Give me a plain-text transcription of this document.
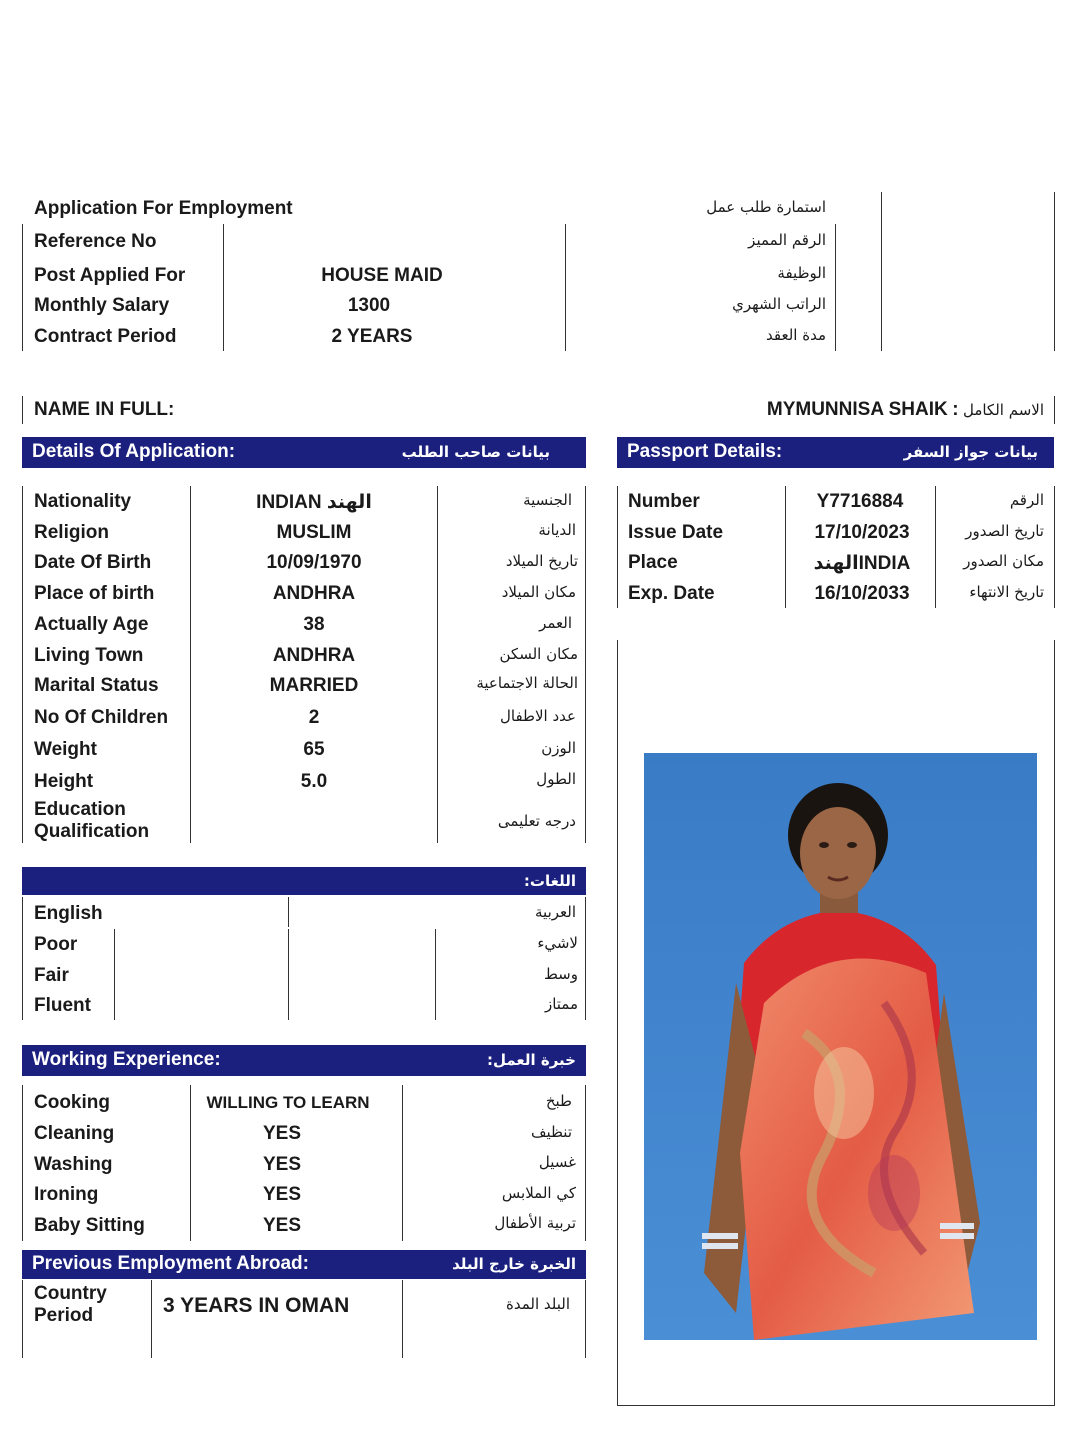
Application For Employment	استمارة طلب عمل
Reference No	الرقم المميز
Post Applied For	HOUSE MAID	الوظيفة
Monthly Salary	1300	الراتب الشهري
Contract Period	2 YEARS	مدة العقد
NAME IN FULL:	MYMUNNISA SHAIK : الاسم الكامل
Details Of Application:	بيانات صاحب الطلب
Nationality	INDIAN الهند	الجنسية
Religion	MUSLIM	الديانة
Date Of Birth	10/09/1970	تاريخ الميلاد
Place of birth	ANDHRA	مكان الميلاد
Actually Age	38	العمر
Living Town	ANDHRA	مكان السكن
Marital Status	MARRIED	الحالة الاجتماعية
No Of Children	2	عدد الاطفال
Weight	65	الوزن
Height	5.0	الطول
Education
Qualification	درجه تعليمى
Passport Details:	بيانات جواز السفر
Number	Y7716884	الرقم
Issue Date	17/10/2023	تاريخ الصدور
Place	الهندINDIA	مكان الصدور
Exp. Date	16/10/2033	تاريخ الانتهاء
اللغات:
English	العربية
Poor	لاشيء
Fair	وسط
Fluent	ممتاز
Working Experience:	خبرة العمل:
Cooking	WILLING TO LEARN	طبخ
Cleaning	YES	تنظيف
Washing	YES	غسيل
Ironing	YES	كي الملابس
Baby Sitting	YES	تربية الأطفال
Previous Employment Abroad:	الخبرة خارج البلد
Country
Period	3 YEARS IN OMAN	البلد المدة
